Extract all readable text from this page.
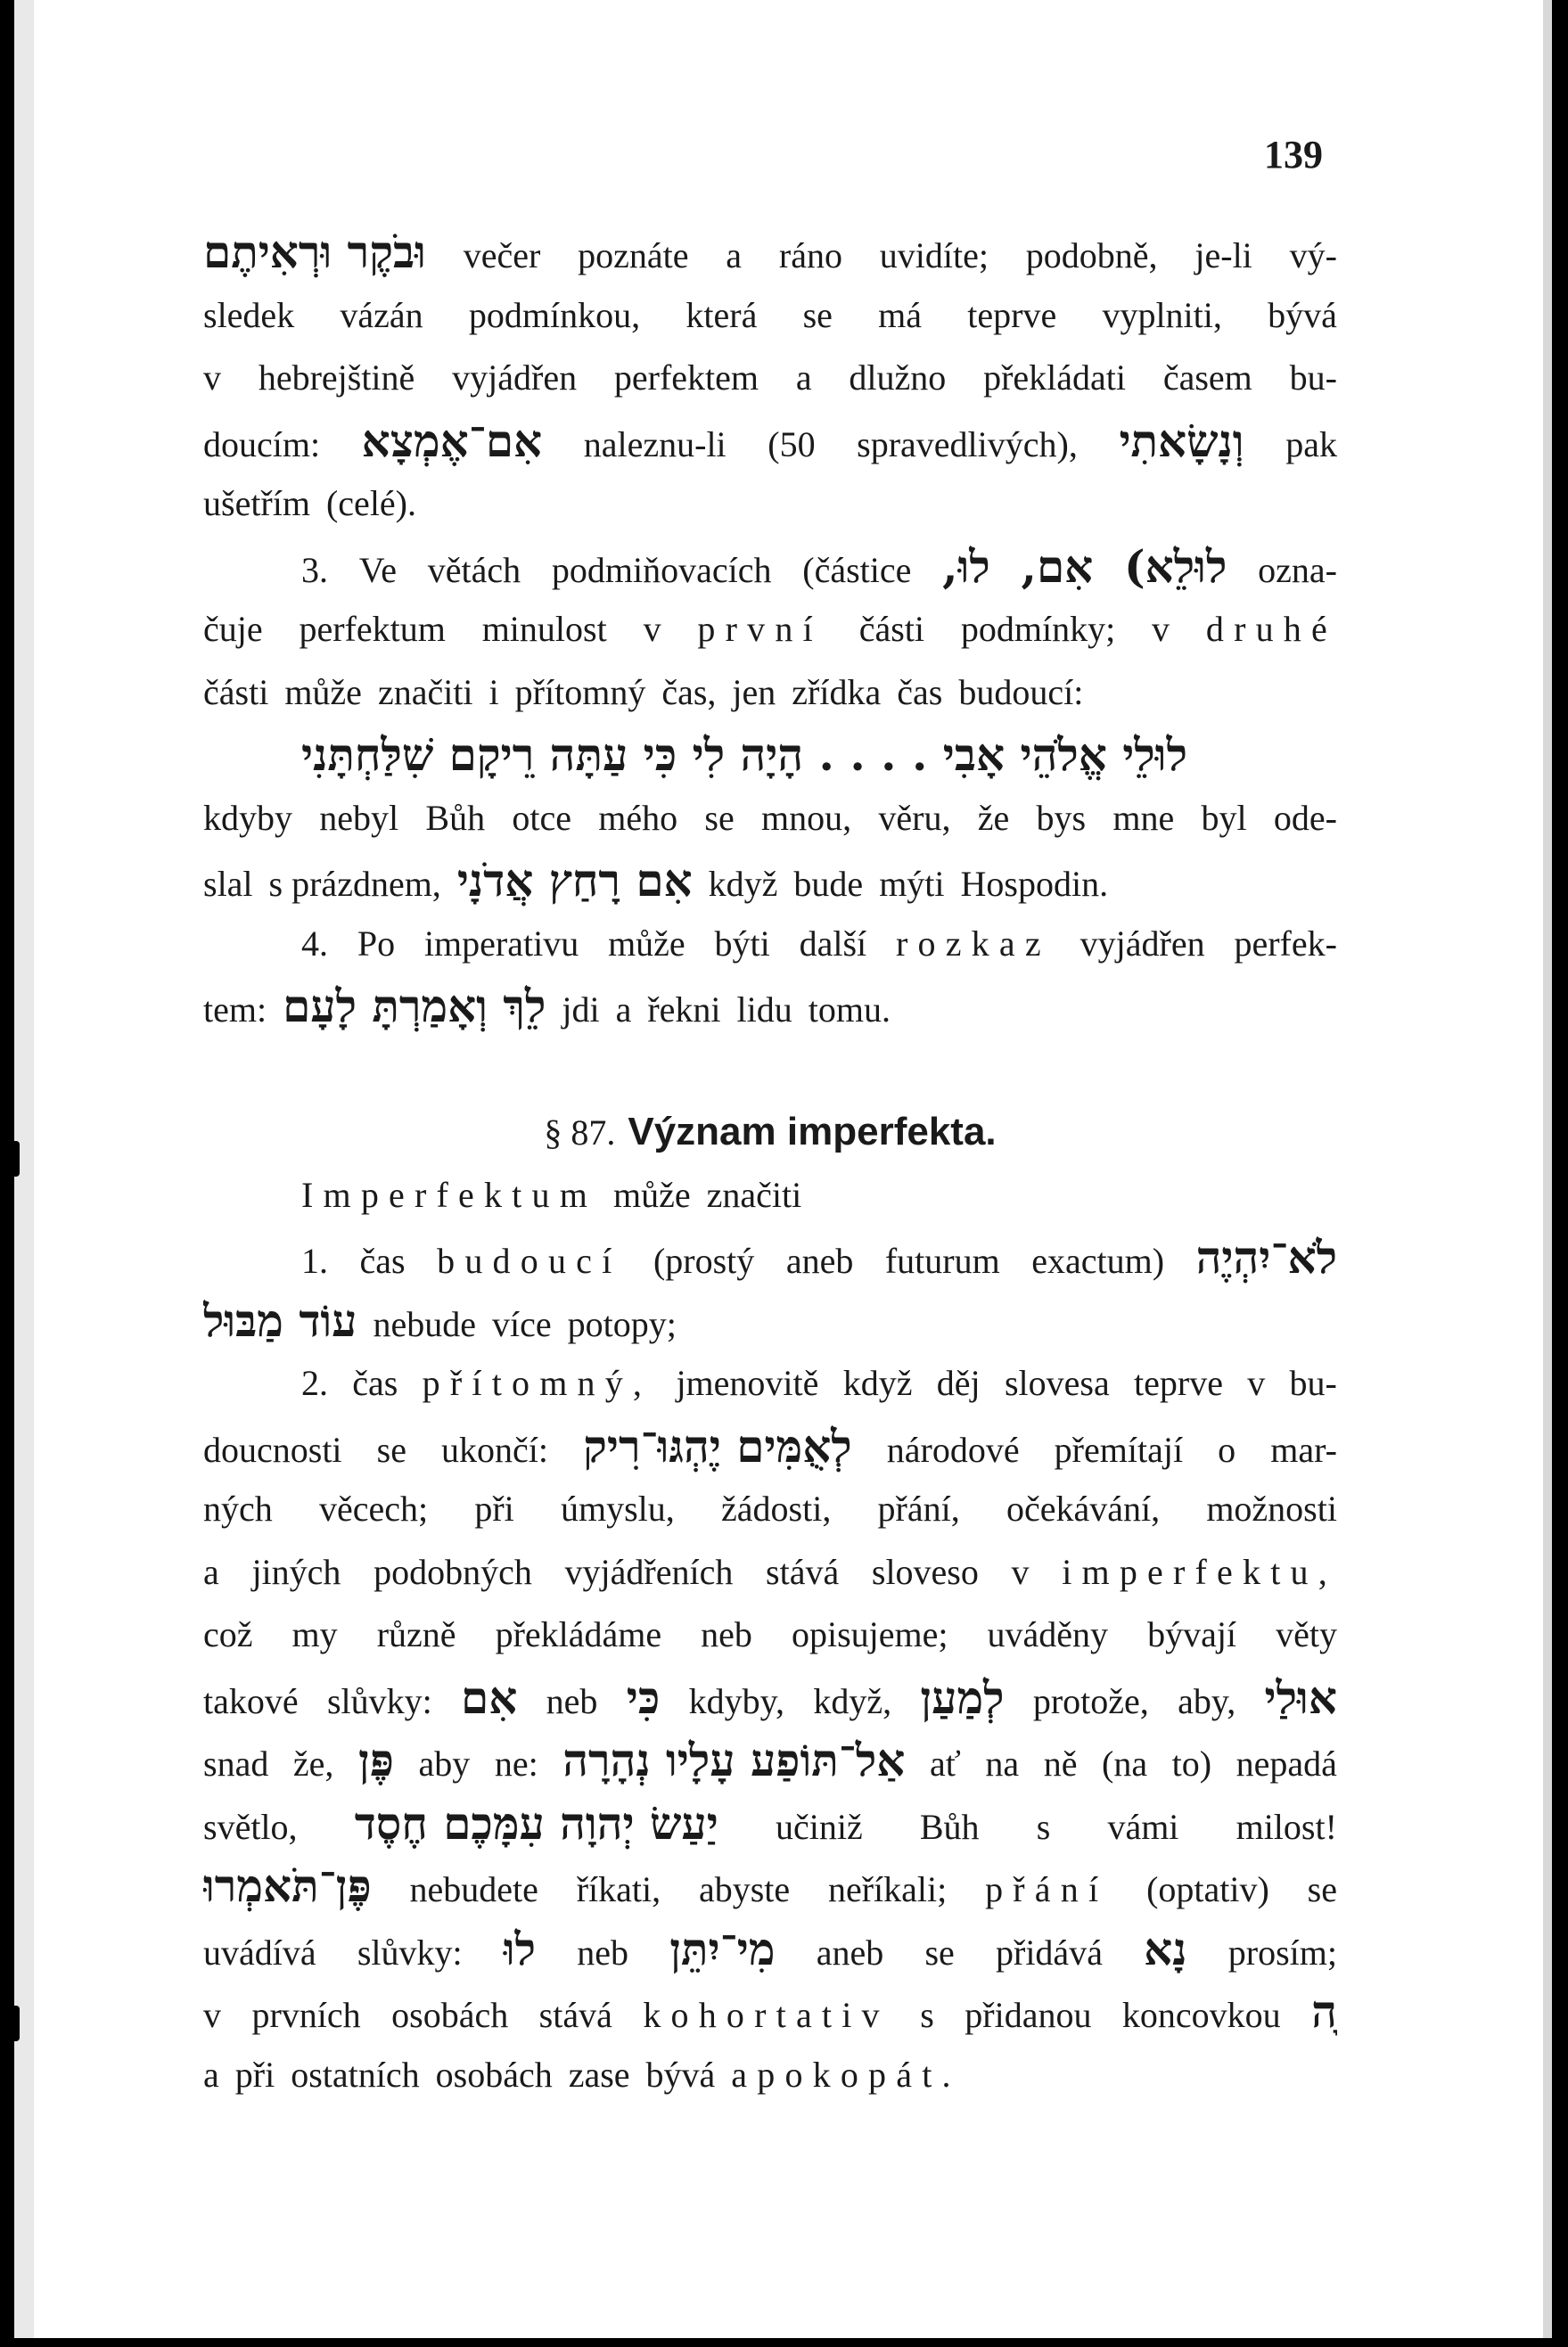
139
וּבֹקֶר וּרְאִיתֶם večer poznáte a ráno uvidíte; podobně, je-li vý-
sledek vázán podmínkou, která se má teprve vyplniti, bývá
v hebrejštině vyjádřen perfektem a dlužno překládati časem bu-
doucím: אִם־אֶמְצָא naleznu-li (50 spravedlivých), וְנָשָׂאתִי pak
ušetřím (celé).
3. Ve větách podmiňovacích (částice לוּ, אִם, לוּלֵא) ozna-
čuje perfektum minulost v první části podmínky; v druhé
části může značiti i přítomný čas, jen zřídka čas budoucí:
לוּלֵי אֱלֹהֵי אָבִי . . . . הָיָה לִי כִּי עַתָּה רֵיקָם שִׁלַּחְתָּנִי
kdyby nebyl Bůh otce mého se mnou, věru, že bys mne byl ode-
slal s prázdnem, אִם רָחַץ אֲדֹנָי když bude mýti Hospodin.
4. Po imperativu může býti další rozkaz vyjádřen perfek-
tem: לֵךְ וְאָמַרְתָּ לָעָם jdi a řekni lidu tomu.
§ 87. Význam imperfekta.
Imperfektum může značiti
1. čas budoucí (prostý aneb futurum exactum) לֹא־יִהְיֶה
עוֹד מַבּוּל nebude více potopy;
2. čas přítomný, jmenovitě když děj slovesa teprve v bu-
doucnosti se ukončí: לְאֻמִּים יֶהְגּוּ־רִיק národové přemítají o mar-
ných věcech; při úmyslu, žádosti, přání, očekávání, možnosti
a jiných podobných vyjádřeních stává sloveso v imperfektu,
což my různě překládáme neb opisujeme; uváděny bývají věty
takové slůvky: אִם neb כִּי kdyby, když, לְמַעַן protože, aby, אוּלַי
snad že, פֶּן aby ne: אַל־תּוֹפַע עָלָיו נְהָרָה ať na ně (na to) nepadá
světlo, יַעַשׂ יְהוָה עִמָּכֶם חֶסֶד učiniž Bůh s vámi milost!
פֶּן־תֹּאמְרוּ nebudete říkati, abyste neříkali; přání (optativ) se
uvádívá slůvky: לוּ neb מִי־יִתֵּן aneb se přidává נָא prosím;
v prvních osobách stává kohortativ s přidanou koncovkou ָה
a při ostatních osobách zase bývá apokopát.
